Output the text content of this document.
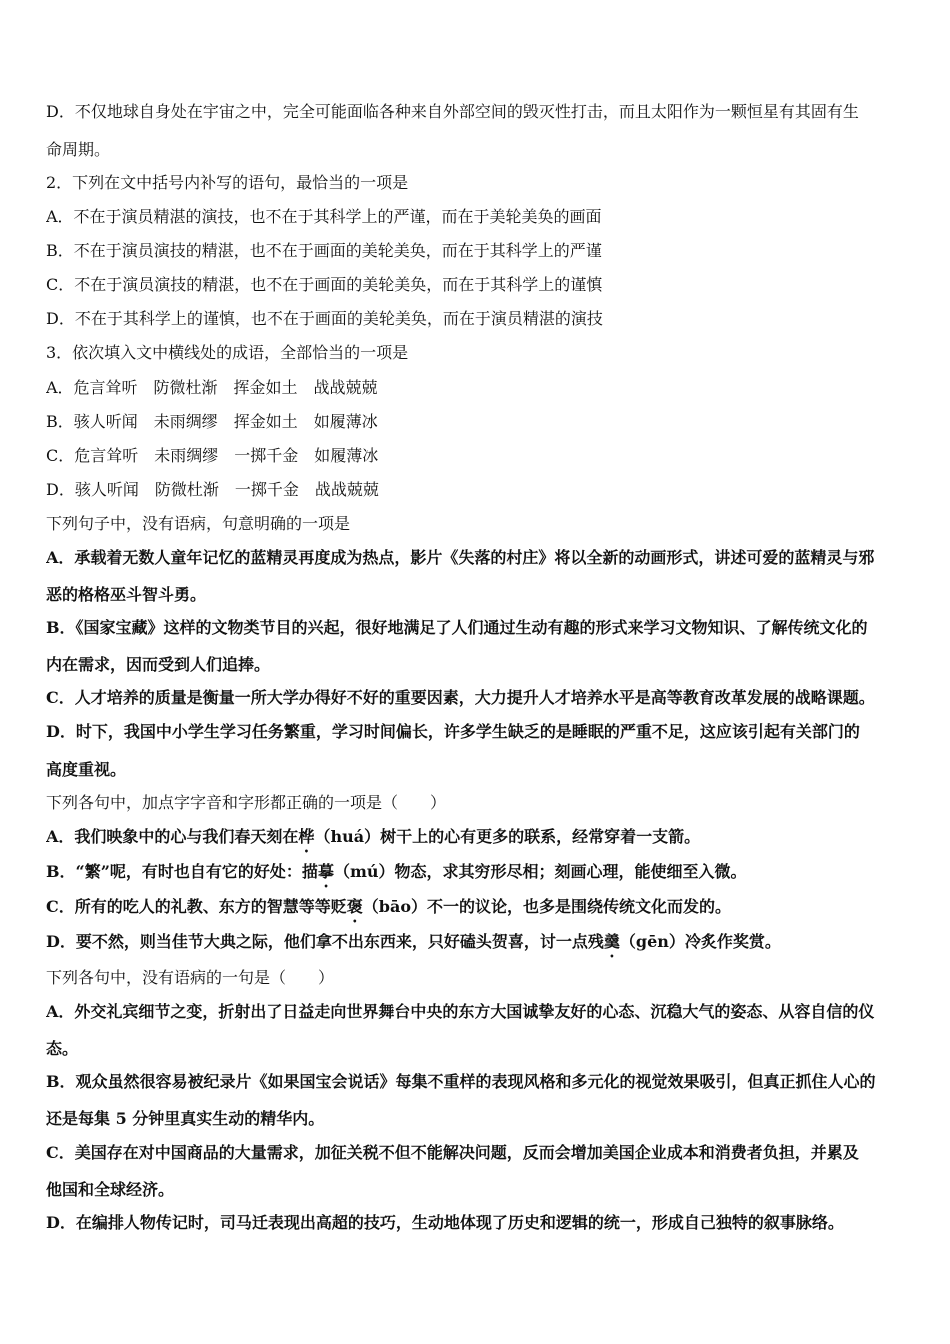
D．不仅地球自身处在宇宙之中，完全可能面临各种来自外部空间的毁灭性打击，而且太阳作为一颗恒星有其固有生
命周期。
2．下列在文中括号内补写的语句，最恰当的一项是
A．不在于演员精湛的演技，也不在于其科学上的严谨，而在于美轮美奂的画面
B．不在于演员演技的精湛，也不在于画面的美轮美奂，而在于其科学上的严谨
C．不在于演员演技的精湛，也不在于画面的美轮美奂，而在于其科学上的谨慎
D．不在于其科学上的谨慎，也不在于画面的美轮美奂，而在于演员精湛的演技
3．依次填入文中横线处的成语，全部恰当的一项是
A．危言耸听　防微杜渐　挥金如土　战战兢兢
B．骇人听闻　未雨绸缪　挥金如土　如履薄冰
C．危言耸听　未雨绸缪　一掷千金　如履薄冰
D．骇人听闻　防微杜渐　一掷千金　战战兢兢
下列句子中，没有语病，句意明确的一项是
A．承载着无数人童年记忆的蓝精灵再度成为热点，影片《失落的村庄》将以全新的动画形式，讲述可爱的蓝精灵与邪
恶的格格巫斗智斗勇。
B．《国家宝藏》这样的文物类节目的兴起，很好地满足了人们通过生动有趣的形式来学习文物知识、了解传统文化的
内在需求，因而受到人们追捧。
C．人才培养的质量是衡量一所大学办得好不好的重要因素，大力提升人才培养水平是高等教育改革发展的战略课题。
D．时下，我国中小学生学习任务繁重，学习时间偏长，许多学生缺乏的是睡眠的严重不足，这应该引起有关部门的
高度重视。
下列各句中，加点字字音和字形都正确的一项是（　　）
A．我们映象中的心与我们春天刻在桦（huá）树干上的心有更多的联系，经常穿着一支箭。
B．“繁”呢，有时也自有它的好处：描摹（mú）物态，求其穷形尽相；刻画心理，能使细至入微。
C．所有的吃人的礼教、东方的智慧等等贬褒（bāo）不一的议论，也多是围绕传统文化而发的。
D．要不然，则当佳节大典之际，他们拿不出东西来，只好磕头贺喜，讨一点残羹（gēn）冷炙作奖赏。
下列各句中，没有语病的一句是（　　）
A．外交礼宾细节之变，折射出了日益走向世界舞台中央的东方大国诚挚友好的心态、沉稳大气的姿态、从容自信的仪
态。
B．观众虽然很容易被纪录片《如果国宝会说话》每集不重样的表现风格和多元化的视觉效果吸引，但真正抓住人心的
还是每集 5 分钟里真实生动的精华内。
C．美国存在对中国商品的大量需求，加征关税不但不能解决问题，反而会增加美国企业成本和消费者负担，并累及
他国和全球经济。
D．在编排人物传记时，司马迁表现出高超的技巧，生动地体现了历史和逻辑的统一，形成自己独特的叙事脉络。
